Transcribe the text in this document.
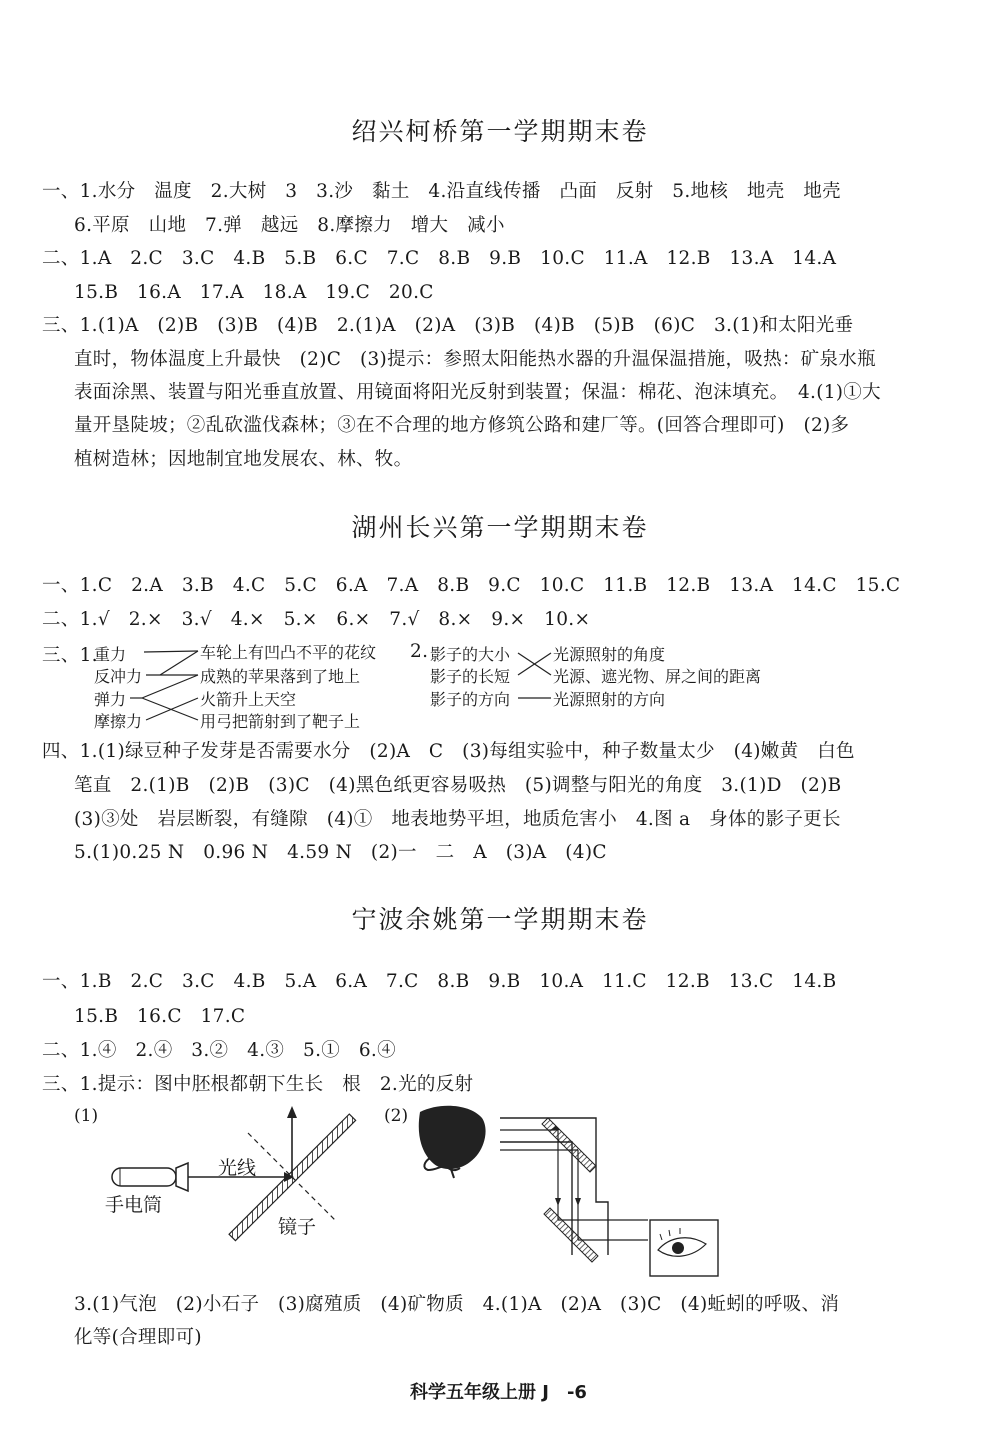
绍兴柯桥第一学期期末卷
一、1.水分　温度　2.大树　3　3.沙　黏土　4.沿直线传播　凸面　反射　5.地核　地壳　地壳
6.平原　山地　7.弹　越远　8.摩擦力　增大　减小
二、1.A　2.C　3.C　4.B　5.B　6.C　7.C　8.B　9.B　10.C　11.A　12.B　13.A　14.A
15.B　16.A　17.A　18.A　19.C　20.C
三、1.(1)A　(2)B　(3)B　(4)B　2.(1)A　(2)A　(3)B　(4)B　(5)B　(6)C　3.(1)和太阳光垂
直时，物体温度上升最快　(2)C　(3)提示：参照太阳能热水器的升温保温措施，吸热：矿泉水瓶
表面涂黑、装置与阳光垂直放置、用镜面将阳光反射到装置；保温：棉花、泡沫填充。　4.(1)①大
量开垦陡坡；②乱砍滥伐森林；③在不合理的地方修筑公路和建厂等。(回答合理即可)　(2)多
植树造林；因地制宜地发展农、林、牧。
湖州长兴第一学期期末卷
一、1.C　2.A　3.B　4.C　5.C　6.A　7.A　8.B　9.C　10.C　11.B　12.B　13.A　14.C　15.C
二、1.√　2.×　3.√　4.×　5.×　6.×　7.√　8.×　9.×　10.×
三、1.
重力
反冲力
弹力
摩擦力
车轮上有凹凸不平的花纹
成熟的苹果落到了地上
火箭升上天空
用弓把箭射到了靶子上
2. 影子的大小
影子的长短
影子的方向
光源照射的角度
光源、遮光物、屏之间的距离
光源照射的方向
四、1.(1)绿豆种子发芽是否需要水分　(2)A　C　(3)每组实验中，种子数量太少　(4)嫩黄　白色
笔直　2.(1)B　(2)B　(3)C　(4)黑色纸更容易吸热　(5)调整与阳光的角度　3.(1)D　(2)B
(3)③处　岩层断裂，有缝隙　(4)①　地表地势平坦，地质危害小　4.图 a　身体的影子更长
5.(1)0.25 N　0.96 N　4.59 N　(2)一　二　A　(3)A　(4)C
宁波余姚第一学期期末卷
一、1.B　2.C　3.C　4.B　5.A　6.A　7.C　8.B　9.B　10.A　11.C　12.B　13.C　14.B
15.B　16.C　17.C
二、1.④　2.④　3.②　4.③　5.①　6.④
三、1.提示：图中胚根都朝下生长　根　2.光的反射
(1)
光线
手电筒
镜子
(2)
3.(1)气泡　(2)小石子　(3)腐殖质　(4)矿物质　4.(1)A　(2)A　(3)C　(4)蚯蚓的呼吸、消
化等(合理即可)
科学五年级上册 J　-6
